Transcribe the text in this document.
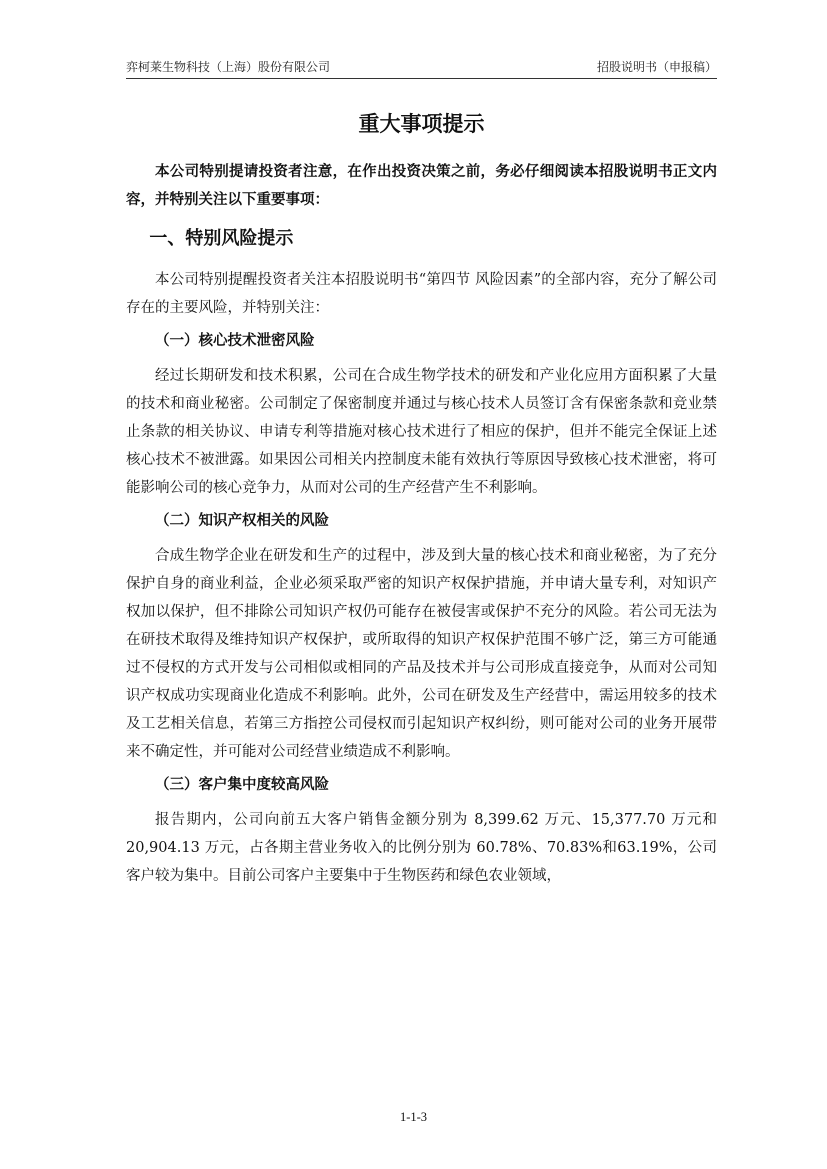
弈柯莱生物科技（上海）股份有限公司	招股说明书（申报稿）
重大事项提示

本公司特别提请投资者注意，在作出投资决策之前，务必仔细阅读本招股说明书正文内容，并特别关注以下重要事项：

一、特别风险提示

本公司特别提醒投资者关注本招股说明书“第四节 风险因素”的全部内容，充分了解公司存在的主要风险，并特别关注：

（一）核心技术泄密风险

经过长期研发和技术积累，公司在合成生物学技术的研发和产业化应用方面积累了大量的技术和商业秘密。公司制定了保密制度并通过与核心技术人员签订含有保密条款和竞业禁止条款的相关协议、申请专利等措施对核心技术进行了相应的保护，但并不能完全保证上述核心技术不被泄露。如果因公司相关内控制度未能有效执行等原因导致核心技术泄密，将可能影响公司的核心竞争力，从而对公司的生产经营产生不利影响。

（二）知识产权相关的风险

合成生物学企业在研发和生产的过程中，涉及到大量的核心技术和商业秘密，为了充分保护自身的商业利益，企业必须采取严密的知识产权保护措施，并申请大量专利，对知识产权加以保护，但不排除公司知识产权仍可能存在被侵害或保护不充分的风险。若公司无法为在研技术取得及维持知识产权保护，或所取得的知识产权保护范围不够广泛，第三方可能通过不侵权的方式开发与公司相似或相同的产品及技术并与公司形成直接竞争，从而对公司知识产权成功实现商业化造成不利影响。此外，公司在研发及生产经营中，需运用较多的技术及工艺相关信息，若第三方指控公司侵权而引起知识产权纠纷，则可能对公司的业务开展带来不确定性，并可能对公司经营业绩造成不利影响。

（三）客户集中度较高风险

报告期内，公司向前五大客户销售金额分别为 8,399.62 万元、15,377.70 万元和 20,904.13 万元，占各期主营业务收入的比例分别为 60.78%、70.83%和63.19%，公司客户较为集中。目前公司客户主要集中于生物医药和绿色农业领域，

1-1-3
